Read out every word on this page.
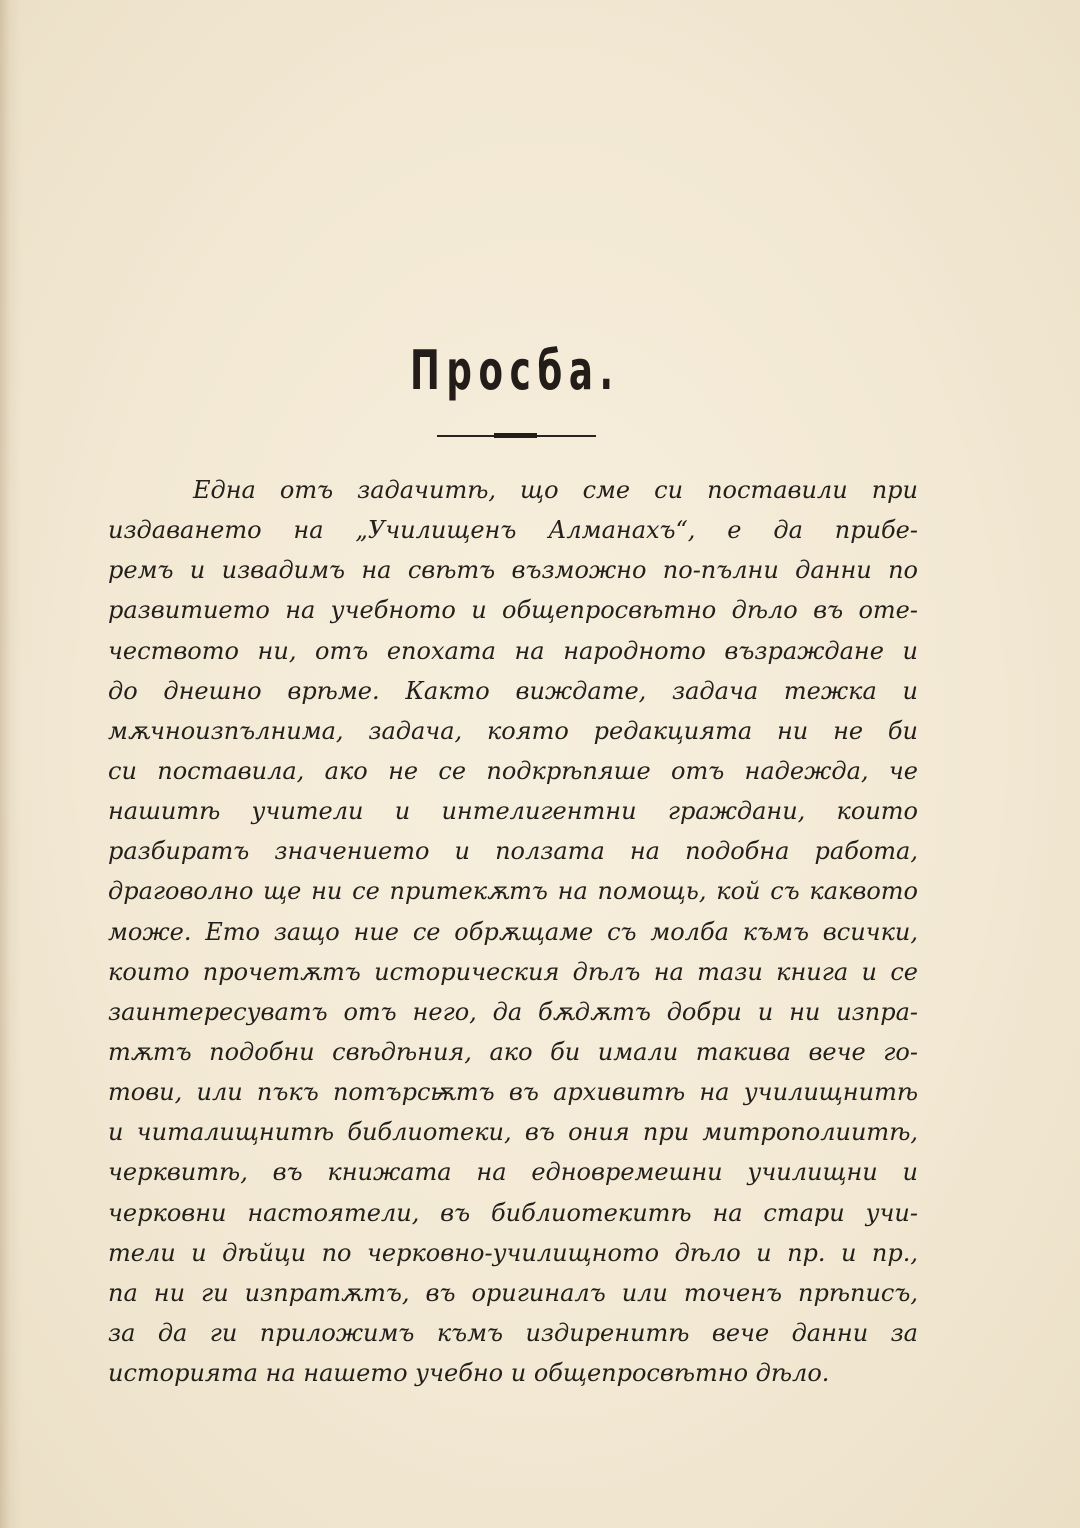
Просба.
Една отъ задачитѣ, що сме си поставили при
издаването на „Училищенъ Алманахъ“, е да прибе-
ремъ и извадимъ на свѣтъ възможно по-пълни данни по
развитието на учебното и общепросвѣтно дѣло въ оте-
чеството ни, отъ епохата на народното възраждане и
до днешно врѣме. Както виждате, задача тежка и
мѫчноизпълнима, задача, която редакцията ни не би
си поставила, ако не се подкрѣпяше отъ надежда, че
нашитѣ учители и интелигентни граждани, които
разбиратъ значението и ползата на подобна работа,
драговолно ще ни се притекѫтъ на помощь, кой съ каквото
може. Ето защо ние се обрѫщаме съ молба къмъ всички,
които прочетѫтъ историческия дѣлъ на тази книга и се
заинтересуватъ отъ него, да бѫдѫтъ добри и ни изпра-
тѫтъ подобни свѣдѣния, ако би имали такива вече го-
тови, или пъкъ потърсѭтъ въ архивитѣ на училищнитѣ
и читалищнитѣ библиотеки, въ ония при митрополиитѣ,
черквитѣ, въ книжата на едновремешни училищни и
черковни настоятели, въ библиотекитѣ на стари учи-
тели и дѣйци по черковно-училищното дѣло и пр. и пр.,
па ни ги изпратѫтъ, въ оригиналъ или точенъ прѣписъ,
за да ги приложимъ къмъ издиренитѣ вече данни за
историята на нашето учебно и общепросвѣтно дѣло.
